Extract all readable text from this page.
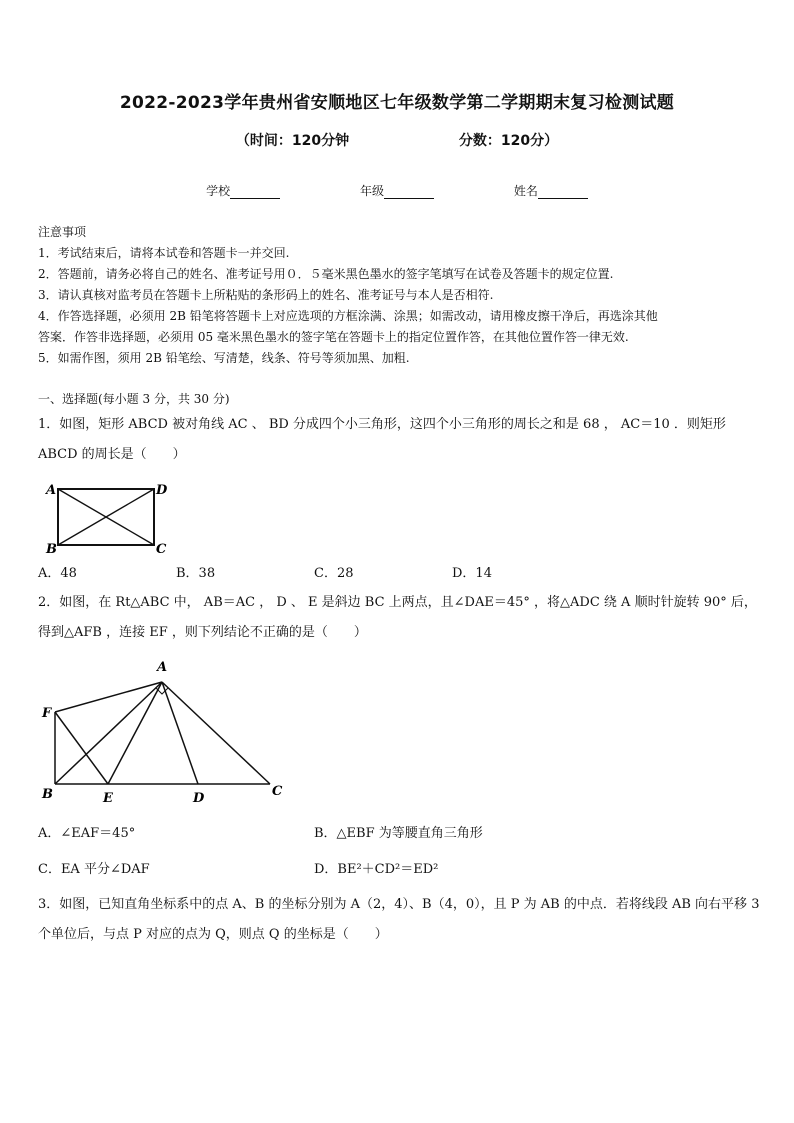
2022-2023学年贵州省安顺地区七年级数学第二学期期末复习检测试题
（时间：120分钟	分数：120分）
学校	年级	姓名

注意事项

1．考试结束后，请将本试卷和答题卡一并交回.

2．答题前，请务必将自己的姓名、准考证号用０．５毫米黑色墨水的签字笔填写在试卷及答题卡的规定位置.

3．请认真核对监考员在答题卡上所粘贴的条形码上的姓名、准考证号与本人是否相符.

4．作答选择题，必须用 2B 铅笔将答题卡上对应选项的方框涂满、涂黑；如需改动，请用橡皮擦干净后，再选涂其他

答案．作答非选择题，必须用 05 毫米黑色墨水的签字笔在答题卡上的指定位置作答，在其他位置作答一律无效.

5．如需作图，须用 2B 铅笔绘、写清楚，线条、符号等须加黑、加粗.

一、选择题(每小题 3 分，共 30 分)
1．如图，矩形 ABCD 被对角线 AC 、 BD 分成四个小三角形，这四个小三角形的周长之和是 68 ， AC＝10 ．则矩形
ABCD 的周长是（　　）
A	D
B	C
A．48	B．38	C．28	D．14
2．如图，在 Rt△ABC 中， AB＝AC ， D 、 E 是斜边 BC 上两点，且∠DAE＝45° ，将△ADC 绕 A 顺时针旋转 90° 后，
得到△AFB ，连接 EF ，则下列结论不正确的是（　　）
A
F
B	E	D	C
A．∠EAF＝45°	B．△EBF 为等腰直角三角形
C．EA 平分∠DAF	D．BE²＋CD²＝ED²
3．如图，已知直角坐标系中的点 A、B 的坐标分别为 A（2，4）、B（4，0），且 P 为 AB 的中点．若将线段 AB 向右平移 3
个单位后，与点 P 对应的点为 Q，则点 Q 的坐标是（　　）
